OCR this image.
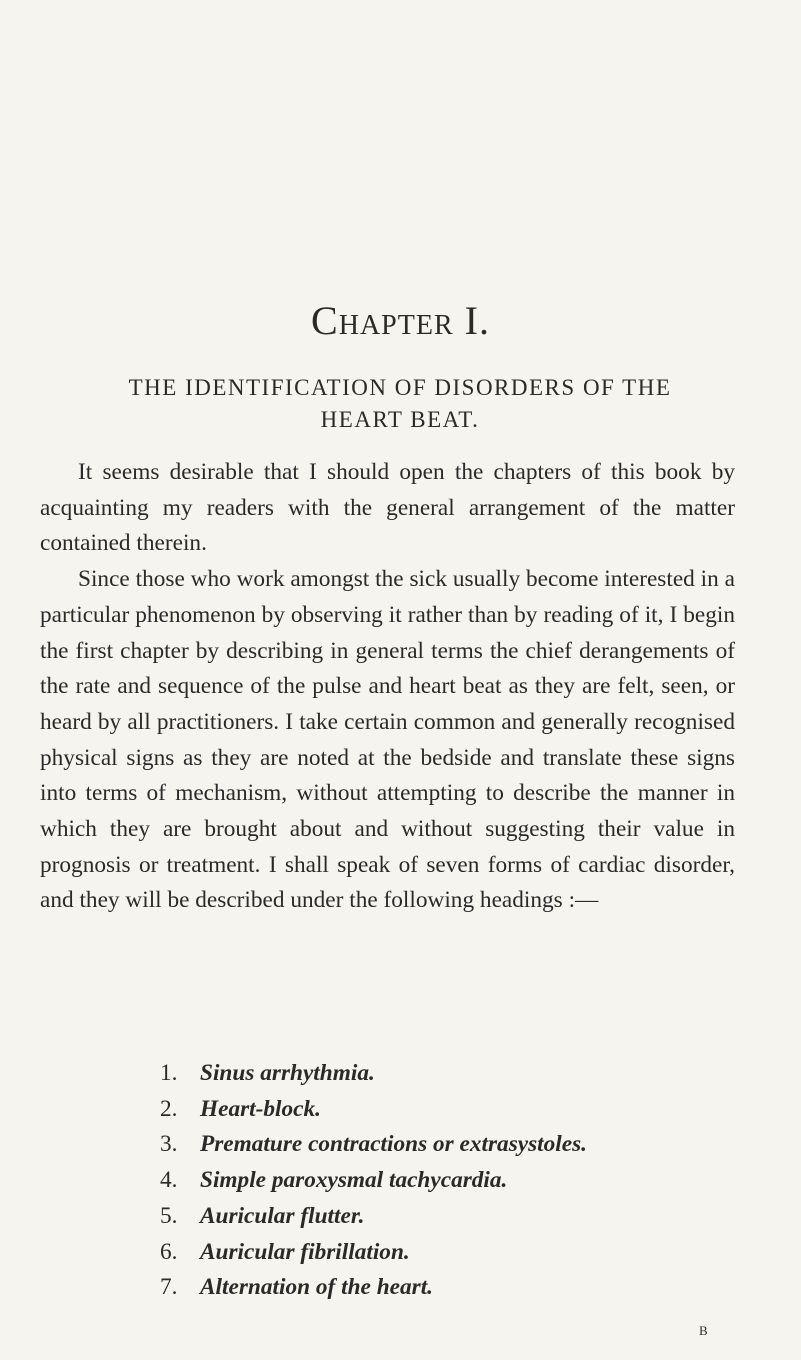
Chapter I.
THE IDENTIFICATION OF DISORDERS OF THE
HEART BEAT.

It seems desirable that I should open the chapters of this book by acquainting my readers with the general arrangement of the matter contained therein.

Since those who work amongst the sick usually become interested in a particular phenomenon by observing it rather than by reading of it, I begin the first chapter by describing in general terms the chief derangements of the rate and sequence of the pulse and heart beat as they are felt, seen, or heard by all practitioners. I take certain common and generally recognised physical signs as they are noted at the bedside and translate these signs into terms of mechanism, without attempting to describe the manner in which they are brought about and without suggesting their value in prognosis or treatment. I shall speak of seven forms of cardiac disorder, and they will be described under the following headings :—

1. Sinus arrhythmia.
2. Heart-block.
3. Premature contractions or extrasystoles.
4. Simple paroxysmal tachycardia.
5. Auricular flutter.
6. Auricular fibrillation.
7. Alternation of the heart.
B
